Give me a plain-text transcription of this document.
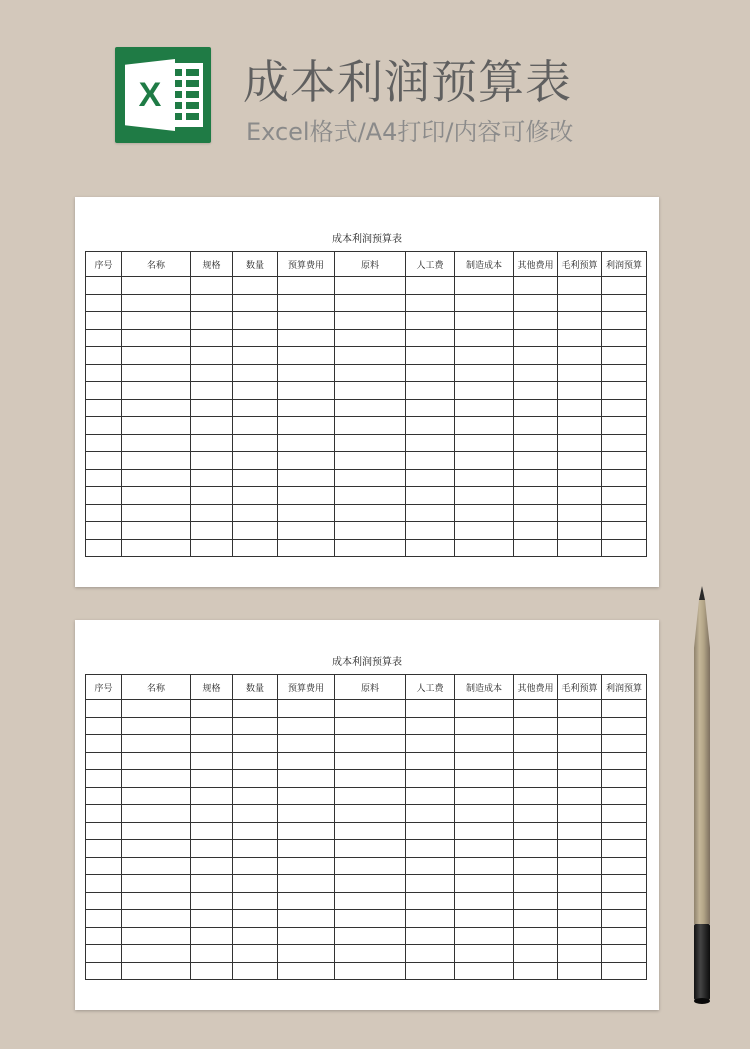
X 成本利润预算表
Excel格式/A4打印/内容可修改
成本利润预算表
序号	名称	规格	数量	预算费用	原料	人工费	制造成本	其他费用	毛利预算	利润预算

成本利润预算表
序号	名称	规格	数量	预算费用	原料	人工费	制造成本	其他费用	毛利预算	利润预算
